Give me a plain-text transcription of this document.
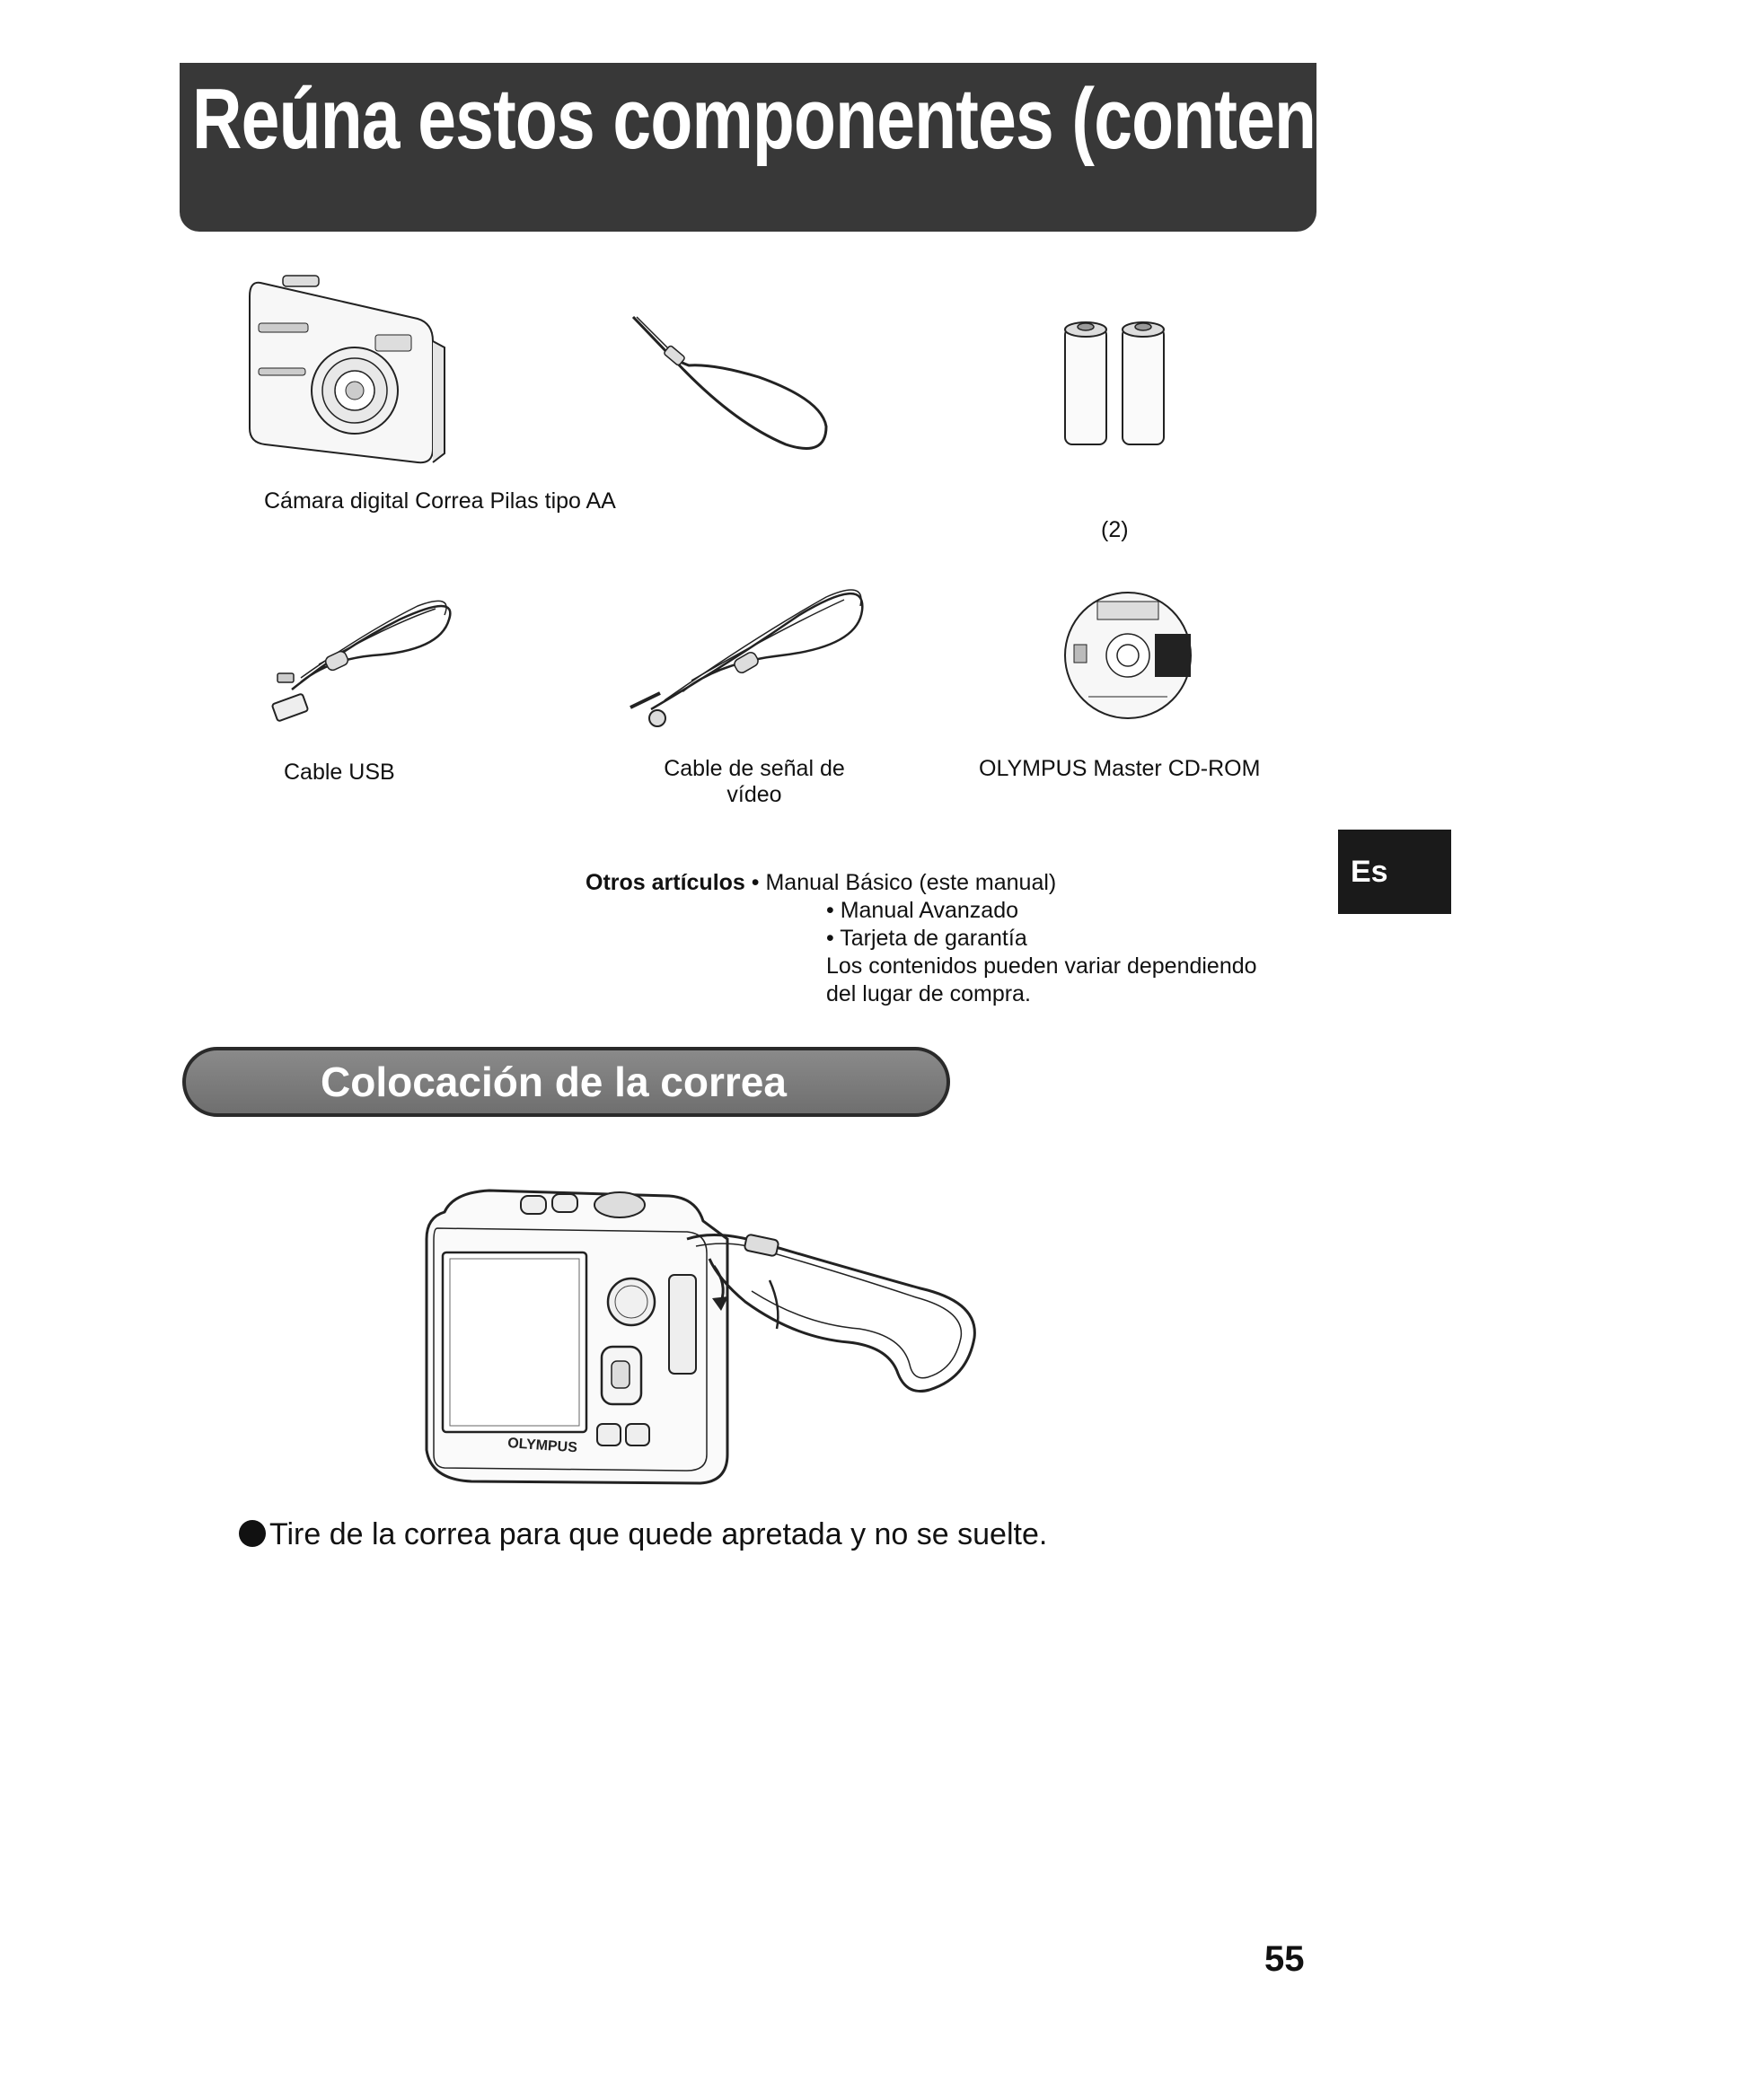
Reúna estos componentes (contenido de la caja)
Cámara digital Correa Pilas tipo AA
(2)
Cable USB	Cable de señal de
vídeo
OLYMPUS Master CD-ROM
Es
Otros artículos • Manual Básico (este manual)
• Manual Avanzado
• Tarjeta de garantía
Los contenidos pueden variar dependiendo
del lugar de compra.
Colocación de la correa
OLYMPUS
Tire de la correa para que quede apretada y no se suelte.
55
